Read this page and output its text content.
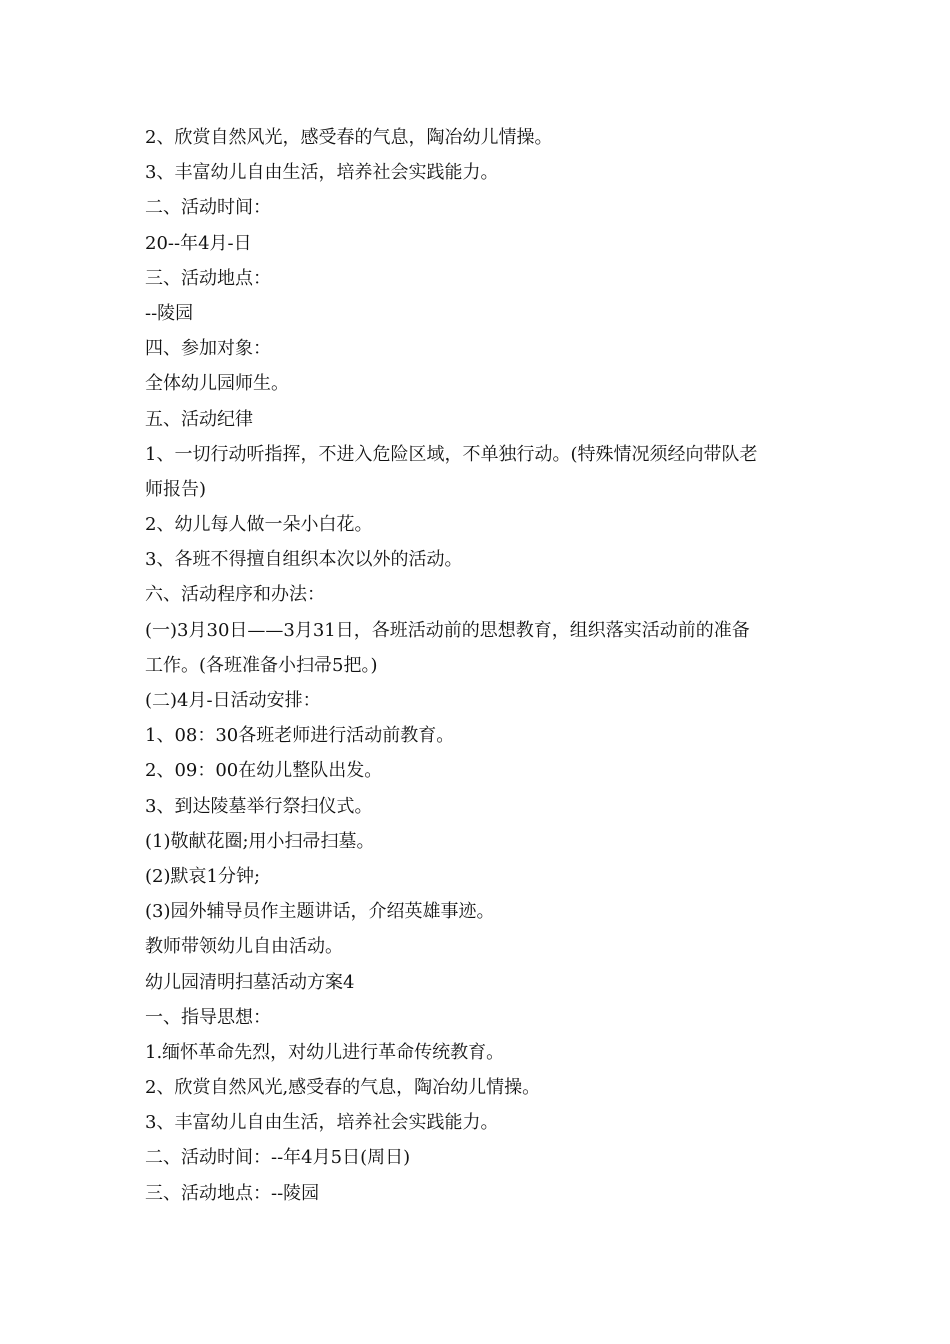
2、欣赏自然风光，感受春的气息，陶冶幼儿情操。
3、丰富幼儿自由生活，培养社会实践能力。
二、活动时间：
20--年4月-日
三、活动地点：
--陵园
四、参加对象：
全体幼儿园师生。
五、活动纪律
1、一切行动听指挥，不进入危险区域，不单独行动。(特殊情况须经向带队老
师报告)
2、幼儿每人做一朵小白花。
3、各班不得擅自组织本次以外的活动。
六、活动程序和办法：
(一)3月30日——3月31日，各班活动前的思想教育，组织落实活动前的准备
工作。(各班准备小扫帚5把。)
(二)4月-日活动安排：
1、08：30各班老师进行活动前教育。
2、09：00在幼儿整队出发。
3、到达陵墓举行祭扫仪式。
(1)敬献花圈;用小扫帚扫墓。
(2)默哀1分钟;
(3)园外辅导员作主题讲话，介绍英雄事迹。
教师带领幼儿自由活动。
幼儿园清明扫墓活动方案4
一、指导思想：
1.缅怀革命先烈，对幼儿进行革命传统教育。
2、欣赏自然风光,感受春的气息，陶冶幼儿情操。
3、丰富幼儿自由生活，培养社会实践能力。
二、活动时间：--年4月5日(周日)
三、活动地点：--陵园
